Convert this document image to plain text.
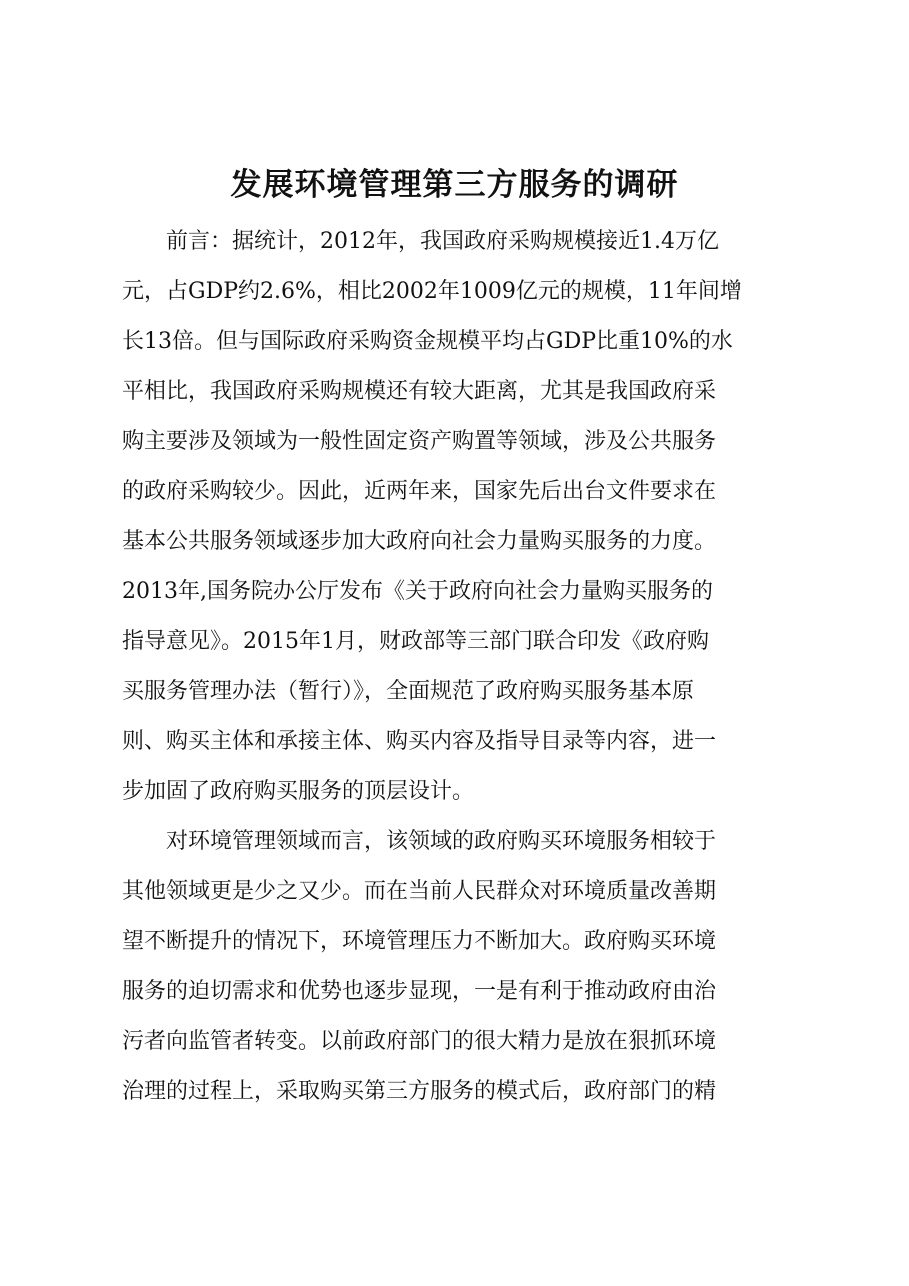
发展环境管理第三方服务的调研
　　前言：据统计，2012年，我国政府采购规模接近1.4万亿
元，占GDP约2.6%，相比2002年1009亿元的规模，11年间增
长13倍。但与国际政府采购资金规模平均占GDP比重10%的水
平相比，我国政府采购规模还有较大距离，尤其是我国政府采
购主要涉及领域为一般性固定资产购置等领域，涉及公共服务
的政府采购较少。因此，近两年来，国家先后出台文件要求在
基本公共服务领域逐步加大政府向社会力量购买服务的力度。
2013年,国务院办公厅发布《关于政府向社会力量购买服务的
指导意见》。2015年1月，财政部等三部门联合印发《政府购
买服务管理办法（暂行）》，全面规范了政府购买服务基本原
则、购买主体和承接主体、购买内容及指导目录等内容，进一
步加固了政府购买服务的顶层设计。
　　对环境管理领域而言，该领域的政府购买环境服务相较于
其他领域更是少之又少。而在当前人民群众对环境质量改善期
望不断提升的情况下，环境管理压力不断加大。政府购买环境
服务的迫切需求和优势也逐步显现，一是有利于推动政府由治
污者向监管者转变。以前政府部门的很大精力是放在狠抓环境
治理的过程上，采取购买第三方服务的模式后，政府部门的精
